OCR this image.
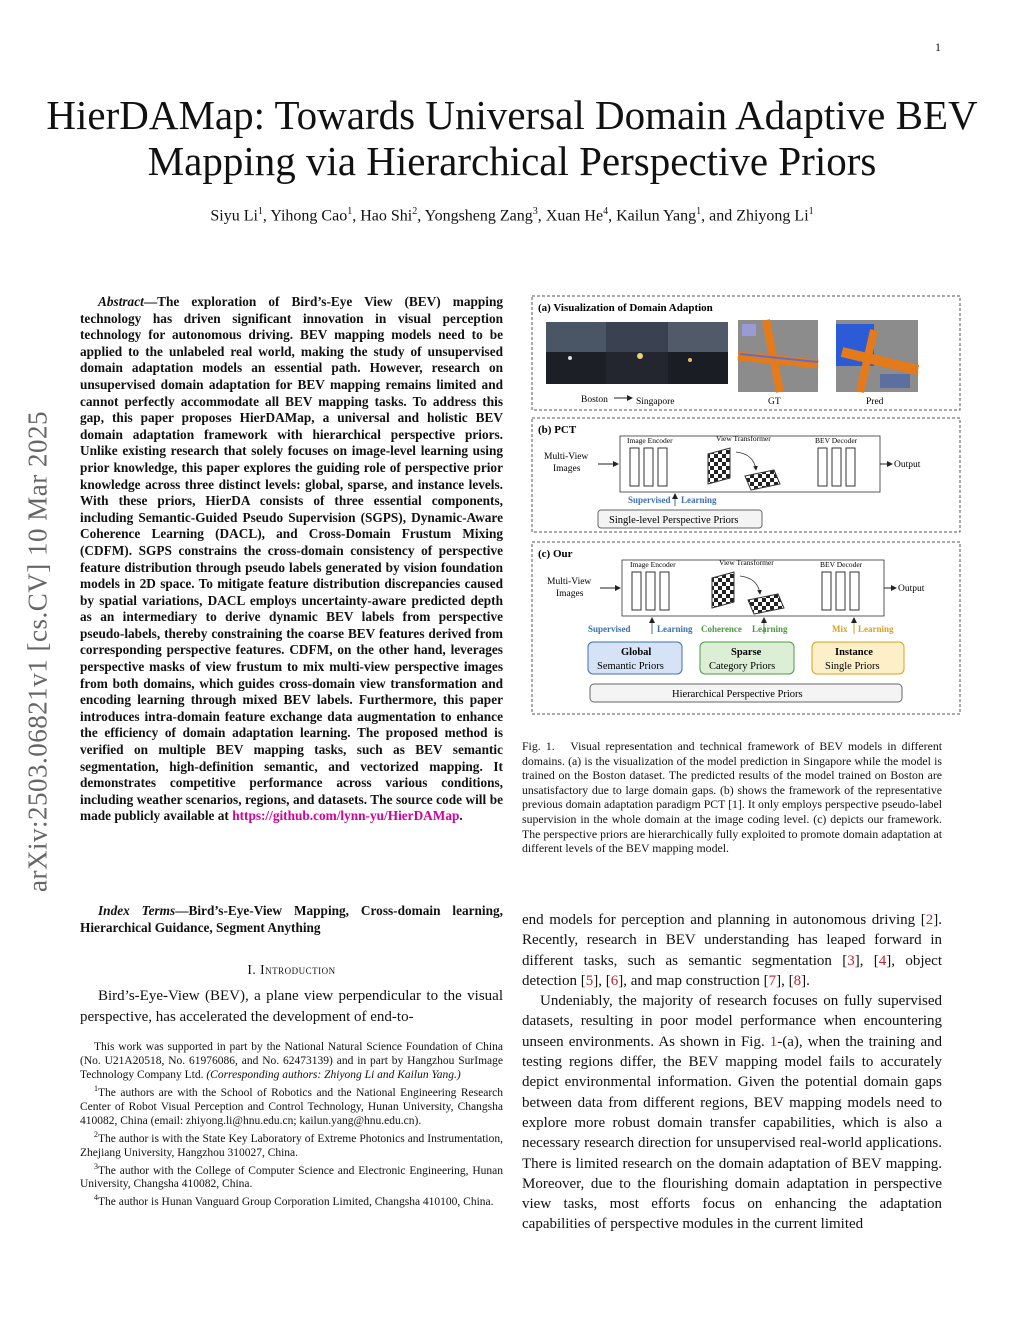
1
HierDAMap: Towards Universal Domain Adaptive BEV Mapping via Hierarchical Perspective Priors
Siyu Li$^1$, Yihong Cao$^1$, Hao Shi$^2$, Yongsheng Zang$^3$, Xuan He$^4$, Kailun Yang$^1$, and Zhiyong Li$^1$
arXiv:2503.06821v1 [cs.CV] 10 Mar 2025
Abstract—The exploration of Bird’s-Eye View (BEV) mapping technology has driven significant innovation in visual perception technology for autonomous driving. BEV mapping models need to be applied to the unlabeled real world, making the study of unsupervised domain adaptation models an essential path. However, research on unsupervised domain adaptation for BEV mapping remains limited and cannot perfectly accommodate all BEV mapping tasks. To address this gap, this paper proposes HierDAMap, a universal and holistic BEV domain adaptation framework with hierarchical perspective priors. Unlike existing research that solely focuses on image-level learning using prior knowledge, this paper explores the guiding role of perspective prior knowledge across three distinct levels: global, sparse, and instance levels. With these priors, HierDA consists of three essential components, including Semantic-Guided Pseudo Supervision (SGPS), Dynamic-Aware Coherence Learning (DACL), and Cross-Domain Frustum Mixing (CDFM). SGPS constrains the cross-domain consistency of perspective feature distribution through pseudo labels generated by vision foundation models in 2D space. To mitigate feature distribution discrepancies caused by spatial variations, DACL employs uncertainty-aware predicted depth as an intermediary to derive dynamic BEV labels from perspective pseudo-labels, thereby constraining the coarse BEV features derived from corresponding perspective features. CDFM, on the other hand, leverages perspective masks of view frustum to mix multi-view perspective images from both domains, which guides cross-domain view transformation and encoding learning through mixed BEV labels. Furthermore, this paper introduces intra-domain feature exchange data augmentation to enhance the efficiency of domain adaptation learning. The proposed method is verified on multiple BEV mapping tasks, such as BEV semantic segmentation, high-definition semantic, and vectorized mapping. It demonstrates competitive performance across various conditions, including weather scenarios, regions, and datasets. The source code will be made publicly available at https://github.com/lynn-yu/HierDAMap.
Index Terms—Bird’s-Eye-View Mapping, Cross-domain learning, Hierarchical Guidance, Segment Anything
I. Introduction
Bird’s-Eye-View (BEV), a plane view perpendicular to the visual perspective, has accelerated the development of end-to-

This work was supported in part by the National Natural Science Foundation of China (No. U21A20518, No. 61976086, and No. 62473139) and in part by Hangzhou SurImage Technology Company Ltd. (Corresponding authors: Zhiyong Li and Kailun Yang.)

$^1$The authors are with the School of Robotics and the National Engineering Research Center of Robot Visual Perception and Control Technology, Hunan University, Changsha 410082, China (email: zhiyong.li@hnu.edu.cn; kailun.yang@hnu.edu.cn).

$^2$The author is with the State Key Laboratory of Extreme Photonics and Instrumentation, Zhejiang University, Hangzhou 310027, China.

$^3$The author with the College of Computer Science and Electronic Engineering, Hunan University, Changsha 410082, China.

$^4$The author is Hunan Vanguard Group Corporation Limited, Changsha 410100, China.

(a) Visualization of Domain Adaption
Boston	Singapore	GT	Pred
(b) PCT
Multi-View
Images
Image Encoder	View Transformer	BEV Decoder
Output
Supervised Learning
Single-level Perspective Priors
(c) Our
Multi-View
Images
Image Encoder	View Transformer	BEV Decoder
Output
Supervised	Learning Coherence Learning	Mix Learning
Global
Semantic Priors
Sparse
Category Priors
Instance
Single Priors
Hierarchical Perspective Priors
Fig. 1. Visual representation and technical framework of BEV models in different domains. (a) is the visualization of the model prediction in Singapore while the model is trained on the Boston dataset. The predicted results of the model trained on Boston are unsatisfactory due to large domain gaps. (b) shows the framework of the representative previous domain adaptation paradigm PCT [1]. It only employs perspective pseudo-label supervision in the whole domain at the image coding level. (c) depicts our framework. The perspective priors are hierarchically fully exploited to promote domain adaptation at different levels of the BEV mapping model.

end models for perception and planning in autonomous driving [2]. Recently, research in BEV understanding has leaped forward in different tasks, such as semantic segmentation [3], [4], object detection [5], [6], and map construction [7], [8].

Undeniably, the majority of research focuses on fully supervised datasets, resulting in poor model performance when encountering unseen environments. As shown in Fig. 1-(a), when the training and testing regions differ, the BEV mapping model fails to accurately depict environmental information. Given the potential domain gaps between data from different regions, BEV mapping models need to explore more robust domain transfer capabilities, which is also a necessary research direction for unsupervised real-world applications. There is limited research on the domain adaptation of BEV mapping. Moreover, due to the flourishing domain adaptation in perspective view tasks, most efforts focus on enhancing the adaptation capabilities of perspective modules in the current limited
